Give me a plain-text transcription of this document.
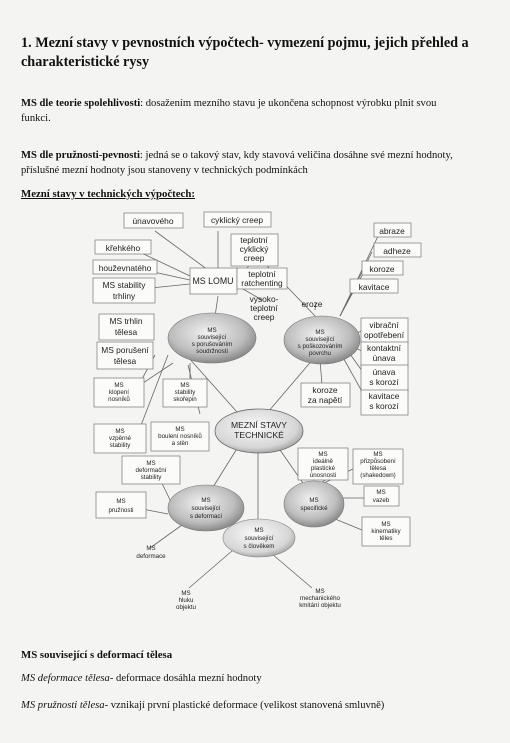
1. Mezní stavy v pevnostních výpočtech- vymezení pojmu, jejich přehled a
charakteristické rysy
MS dle teorie spolehlivosti: dosažením mezního stavu je ukončena schopnost výrobku plnit svou
funkci.
MS dle pružnosti-pevnosti: jedná se o takový stav, kdy stavová veličina dosáhne své mezní hodnoty,
příslušné mezní hodnoty jsou stanoveny v technických podmínkách
Mezní stavy v technických výpočtech:
únavového	cyklický creep
křehkého
houževnatého
MS stability
trhliny
MS trhlin
tělesa
MS porušení
tělesa
MS LOMU
teplotní
cyklický
creep
teplotní
ratchenting
vysoko-
teplotní
creep
abraze
adheze
koroze
kavitace
eroze
vibrační
opotřebení
kontaktní
únava
únava
s korozí
kavitace
s korozí
koroze
za napětí
MS
související
s porušováním
soudržnosti
MS
související
s poškozováním
povrchu
MS
související
s deformací
MS
specifické
MS
související
s člověkem
MS
klopení
nosníků
MS
stability
skořepin
MS
vzpěrné
stability
MS
boulení nosníků
a stěn
MS
deformační
stability
MS
pružnosti
MS
deformace
MS
ideálně
plastické
únosnosti
MS
přizpůsobení
tělesa
(shakedown)
MS
vazeb
MS
kinematiky
těles
MS
hluku
objektu
MS
mechanického
kmitání objektu
MEZNÍ STAVY
TECHNICKÉ
MS související s deformací tělesa
MS deformace tělesa- deformace dosáhla mezní hodnoty
MS pružnosti tělesa- vznikají první plastické deformace (velikost stanovená smluvně)
